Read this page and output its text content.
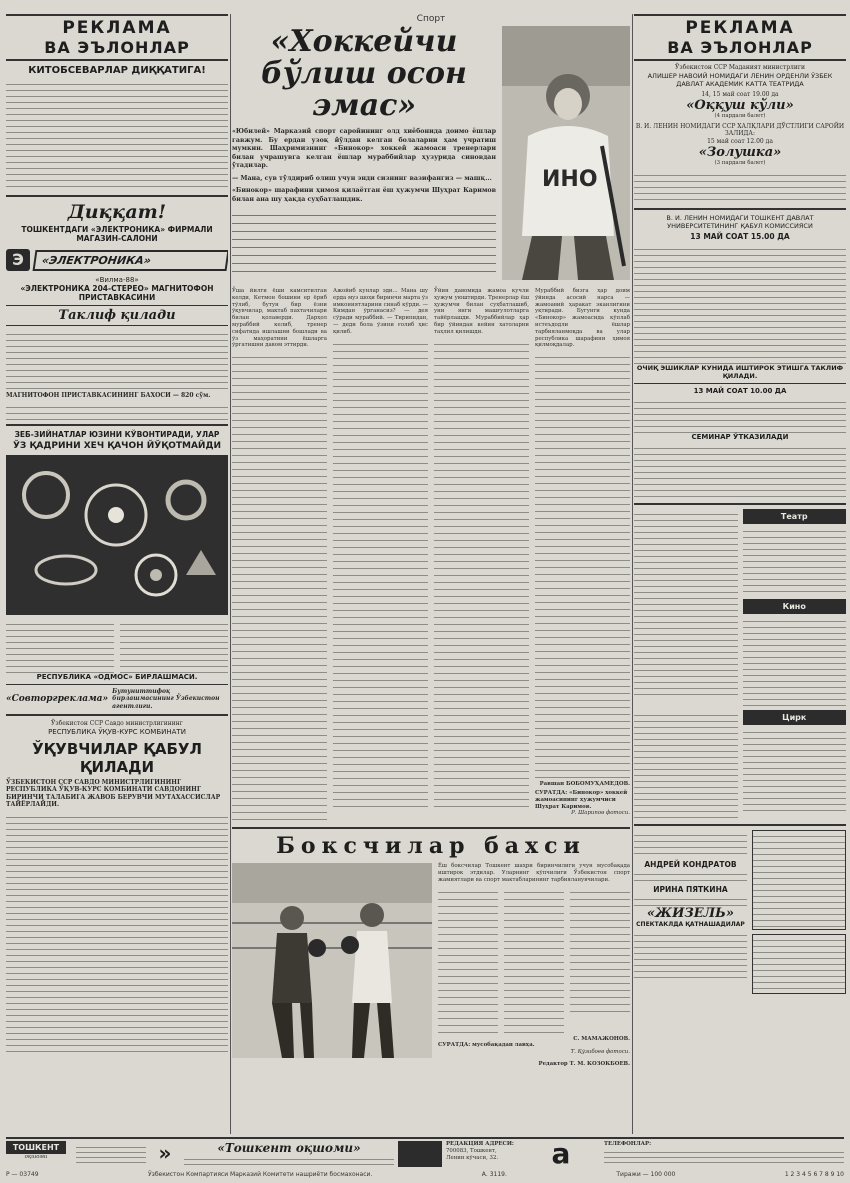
РЕКЛАМА
ВА ЭЪЛОНЛАР
КИТОБСЕВАРЛАР ДИҚҚАТИГА!
Диққат!
ТОШКЕНТДАГИ «ЭЛЕКТРОНИКА» ФИРМАЛИ МАГАЗИН-САЛОНИ
Э	«ЭЛЕКТРОНИКА»
«Вилма-88»
«ЭЛЕКТРОНИКА 204-СТЕРЕО» МАГНИТОФОН
ПРИСТАВКАСИНИ
Таклиф қилади
МАГНИТОФОН ПРИСТАВКАСИНИНГ БАХОСИ — 820 сўм.
ЗЕБ-ЗИЙНАТЛАР ЮЗИНИ КЎВОНТИРАДИ, УЛАР
ЎЗ ҚАДРИНИ ХЕЧ ҚАЧОН ЙЎҚОТМАЙДИ
РЕСПУБЛИКА «ОДМОС» БИРЛАШМАСИ.
«Совторгреклама»
Бутуниттифоқ бирлашмасининг Ўзбекистон агентлиги.
Ўзбекистон ССР Савдо министрлигининг
РЕСПУБЛИКА ЎҚУВ-КУРС КОМБИНАТИ
ЎҚУВЧИЛАР ҚАБУЛ ҚИЛАДИ
ЎЗБЕКИСТОН ССР САВДО МИНИСТРЛИГИНИНГ РЕСПУБЛИКА ЎҚУВ-КУРС КОМБИНАТИ САВДОНИНГ БИРИНЧИ ТАЛАБИГА ЖАВОБ БЕРУВЧИ МУТАХАССИСЛАР ТАЙЁРЛАЙДИ.
Спорт
«Хоккейчи бўлиш осон эмас»
«Юбилей» Марказий спорт саройининг олд хиёбонида доимо ёшлар гавжум. Бу ердан узоқ йўлдан келган болаларни ҳам учратиш мумкин. Шаҳримизнинг «Бинокор» хоккей жамоаси тренерлари билан учрашувга келган ёшлар мураббийлар ҳузурида синовдан ўтадилар.
— Мана, сув тўлдириб олиш учун энди сизнинг вазифангиз — машқ...
«Бинокор» шарафини ҳимоя қилаётган ёш ҳужумчи Шуҳрат Каримов билан ана шу ҳақда суҳбатлашдик.
ИНО
Ўша йилги ёши камситилган келди, Кетмон бошини ер ёриб тўлиб, бутун бир ёзни ўқувчилар, мактаб пахтачилари билан қолаверди. Дарҳол мураббий келиб, тренер сифатида ишлашни бошлади ва ўз маҳоратини ёшларга ўргатишни давом эттирди.
Ажойиб кунлар эди... Мана шу ерда муз шоҳи биринчи марта ўз имкониятларини синаб кўрди. — Кимдан ўрганасиз? — дея сўради мураббий. — Тирипидан, — деди бола ўзини ғолиб ҳис қилиб.
Ўйин давомида жамоа кучли ҳужум уюштирди. Тренерлар ёш ҳужумчи билан суҳбатлашиб, уни янги машғулотларга тайёрлашди. Мураббийлар ҳар бир ўйиндан кейин хатоларни таҳлил қилишди.
Мураббий бизга ҳар доим ўйинда асосий нарса — жамоавий ҳаракат эканлигини уқтиради. Бугунги кунда «Бинокор» жамоасида кўплаб истеъдодли ёшлар тарбияланмоқда ва улар республика шарафини ҳимоя қилмоқдалар.
Равшан БОБОМУҲАМЕДОВ.
СУРАТДА: «Бинокор» хоккей жамоасининг ҳужумчиси Шуҳрат Каримов.
Р. Шарипов фотоси.
Боксчилар бахси
Ёш боксчилар Тошкент шаҳри биринчилиги учун мусобақада иштирок этдилар. Уларнинг кўпчилиги Ўзбекистон спорт жамиятлари ва спорт мактабларининг тарбияланувчилари.
С. МАМАЖОНОВ.
СУРАТДА: мусобақадан лавҳа.
Т. Қўзибоев фотоси.
Редактор Т. М. КОЗОКБОЕВ.
РЕКЛАМА
ВА ЭЪЛОНЛАР
Ўзбекистон ССР Маданият министрлиги
АЛИШЕР НАВОИЙ НОМИДАГИ ЛЕНИН ОРДЕНЛИ ЎЗБЕК ДАВЛАТ АКАДЕМИК КАТТА ТЕАТРИДА
14, 15 май соат 19.00 да
«Оққуш кўли»
(4 пардали балет)
В. И. ЛЕНИН НОМИДАГИ ССР ХАЛҚЛАРИ ДЎСТЛИГИ САРОЙИ ЗАЛИДА:
15 май соат 12.00 да
«Золушка»
(3 пардали балет)
В. И. ЛЕНИН НОМИДАГИ ТОШКЕНТ ДАВЛАТ УНИВЕРСИТЕТИНИНГ ҚАБУЛ КОМИССИЯСИ
13 МАЙ СОАТ 15.00 ДА
ОЧИҚ ЭШИКЛАР КУНИДА ИШТИРОК ЭТИШГА ТАКЛИФ ҚИЛАДИ.
13 МАЙ СОАТ 10.00 ДА
СЕМИНАР ЎТКАЗИЛАДИ
Театр
Кино
Цирк
АНДРЕЙ КОНДРАТОВ
ИРИНА ПЯТКИНА
«ЖИЗЕЛЬ»
СПЕКТАКЛДА ҚАТНАШАДИЛАР
ТОШКЕНТ
оқшоми	»	«Тошкент оқшоми»	РЕДАКЦИЯ АДРЕСИ:
700083, Тошкент, Ленин кўчаси, 32.	а	ТЕЛЕФОНЛАР:
Р — 03749	Ўзбекистон Компартияси Марказий Комитети нашриёти босмахонаси.	А. 3119.	Тиражи — 100 000	1 2 3 4 5 6 7 8 9 10
